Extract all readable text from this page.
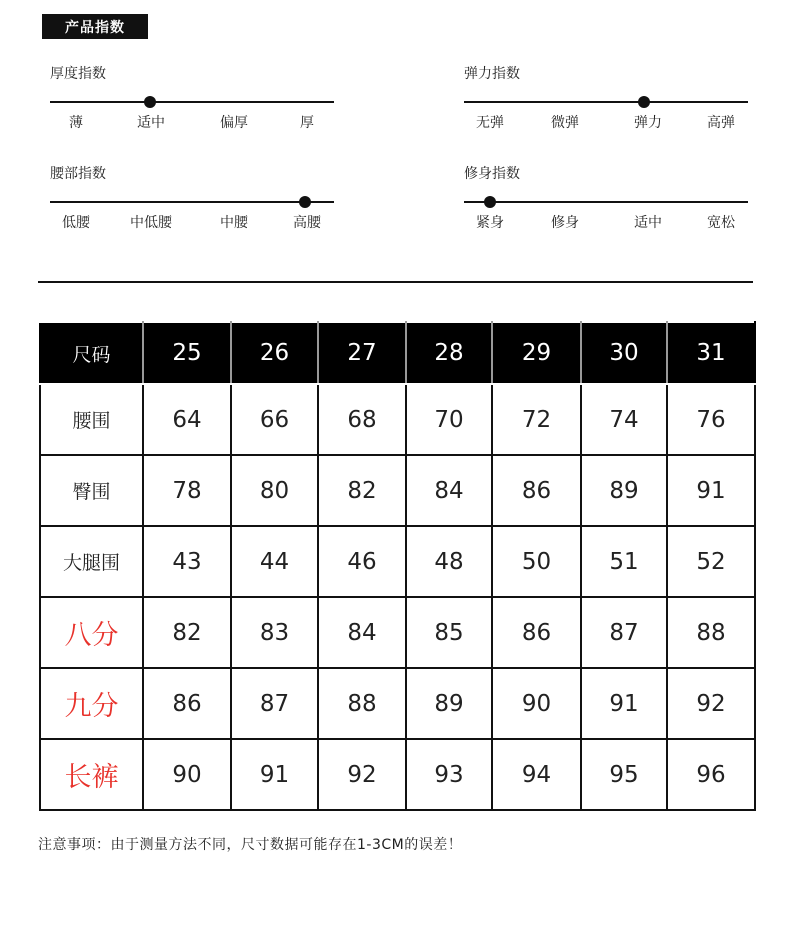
产品指数
厚度指数
薄	适中	偏厚	厚
弹力指数
无弹	微弹	弹力	高弹
腰部指数
低腰	中低腰	中腰	高腰
修身指数
紧身	修身	适中	宽松
尺码	25	26	27	28	29	30	31
腰围	64	66	68	70	72	74	76
臀围	78	80	82	84	86	89	91
大腿围	43	44	46	48	50	51	52
八分	82	83	84	85	86	87	88
九分	86	87	88	89	90	91	92
长裤	90	91	92	93	94	95	96
注意事项：由于测量方法不同，尺寸数据可能存在1-3CM的误差！
